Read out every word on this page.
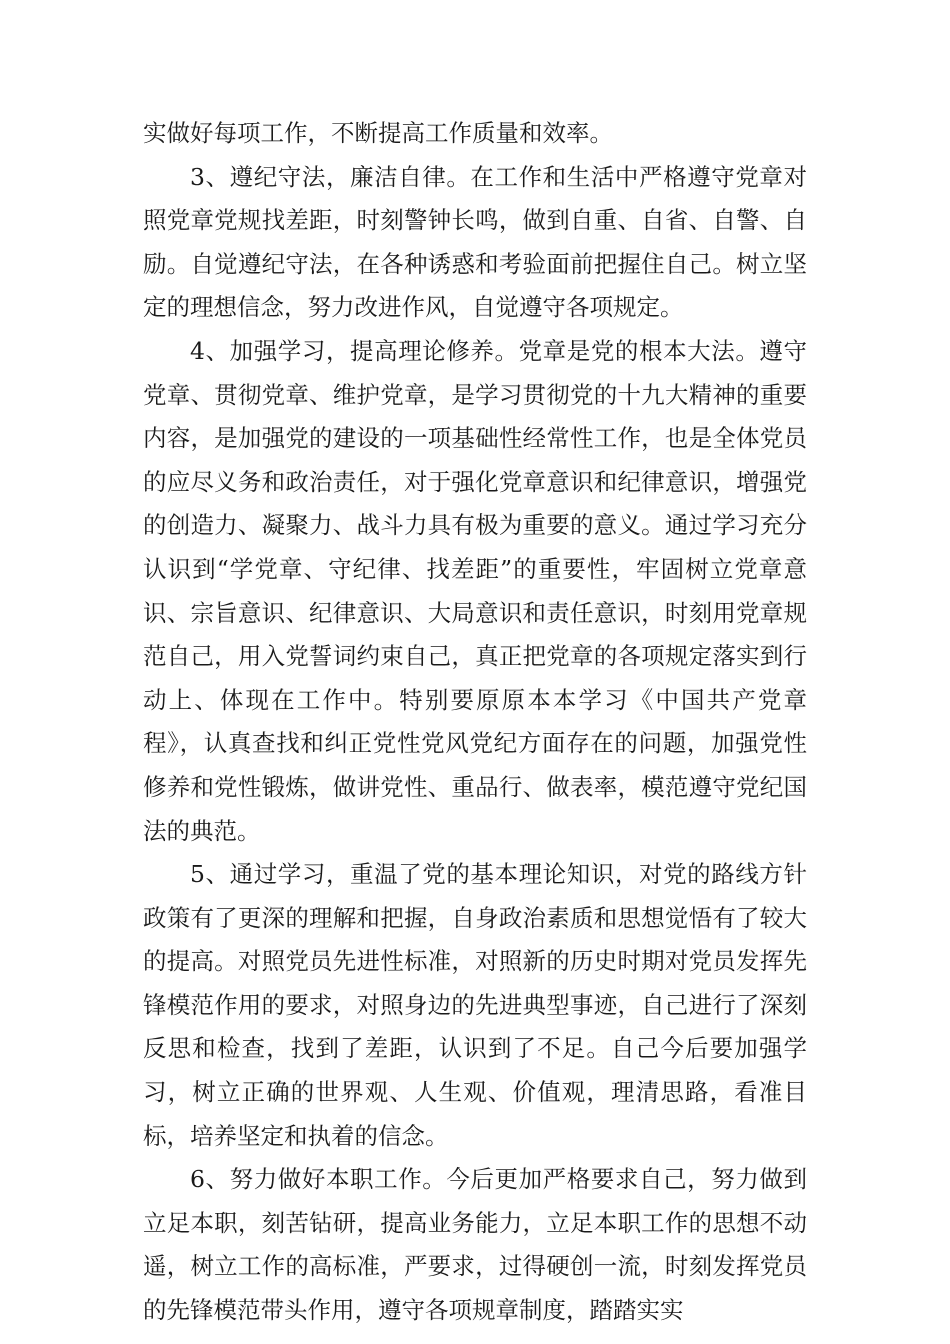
实做好每项工作，不断提高工作质量和效率。

3、遵纪守法，廉洁自律。在工作和生活中严格遵守党章对照党章党规找差距，时刻警钟长鸣，做到自重、自省、自警、自励。自觉遵纪守法，在各种诱惑和考验面前把握住自己。树立坚定的理想信念，努力改进作风，自觉遵守各项规定。

4、加强学习，提高理论修养。党章是党的根本大法。遵守党章、贯彻党章、维护党章，是学习贯彻党的十九大精神的重要内容，是加强党的建设的一项基础性经常性工作，也是全体党员的应尽义务和政治责任，对于强化党章意识和纪律意识，增强党的创造力、凝聚力、战斗力具有极为重要的意义。通过学习充分认识到“学党章、守纪律、找差距”的重要性，牢固树立党章意识、宗旨意识、纪律意识、大局意识和责任意识，时刻用党章规范自己，用入党誓词约束自己，真正把党章的各项规定落实到行动上、体现在工作中。特别要原原本本学习《中国共产党章程》，认真查找和纠正党性党风党纪方面存在的问题，加强党性修养和党性锻炼，做讲党性、重品行、做表率，模范遵守党纪国法的典范。

5、通过学习，重温了党的基本理论知识，对党的路线方针政策有了更深的理解和把握，自身政治素质和思想觉悟有了较大的提高。对照党员先进性标准，对照新的历史时期对党员发挥先锋模范作用的要求，对照身边的先进典型事迹，自己进行了深刻反思和检查，找到了差距，认识到了不足。自己今后要加强学习，树立正确的世界观、人生观、价值观，理清思路，看准目标，培养坚定和执着的信念。

6、努力做好本职工作。今后更加严格要求自己，努力做到立足本职，刻苦钻研，提高业务能力，立足本职工作的思想不动遥，树立工作的高标准，严要求，过得硬创一流，时刻发挥党员的先锋模范带头作用，遵守各项规章制度，踏踏实实
